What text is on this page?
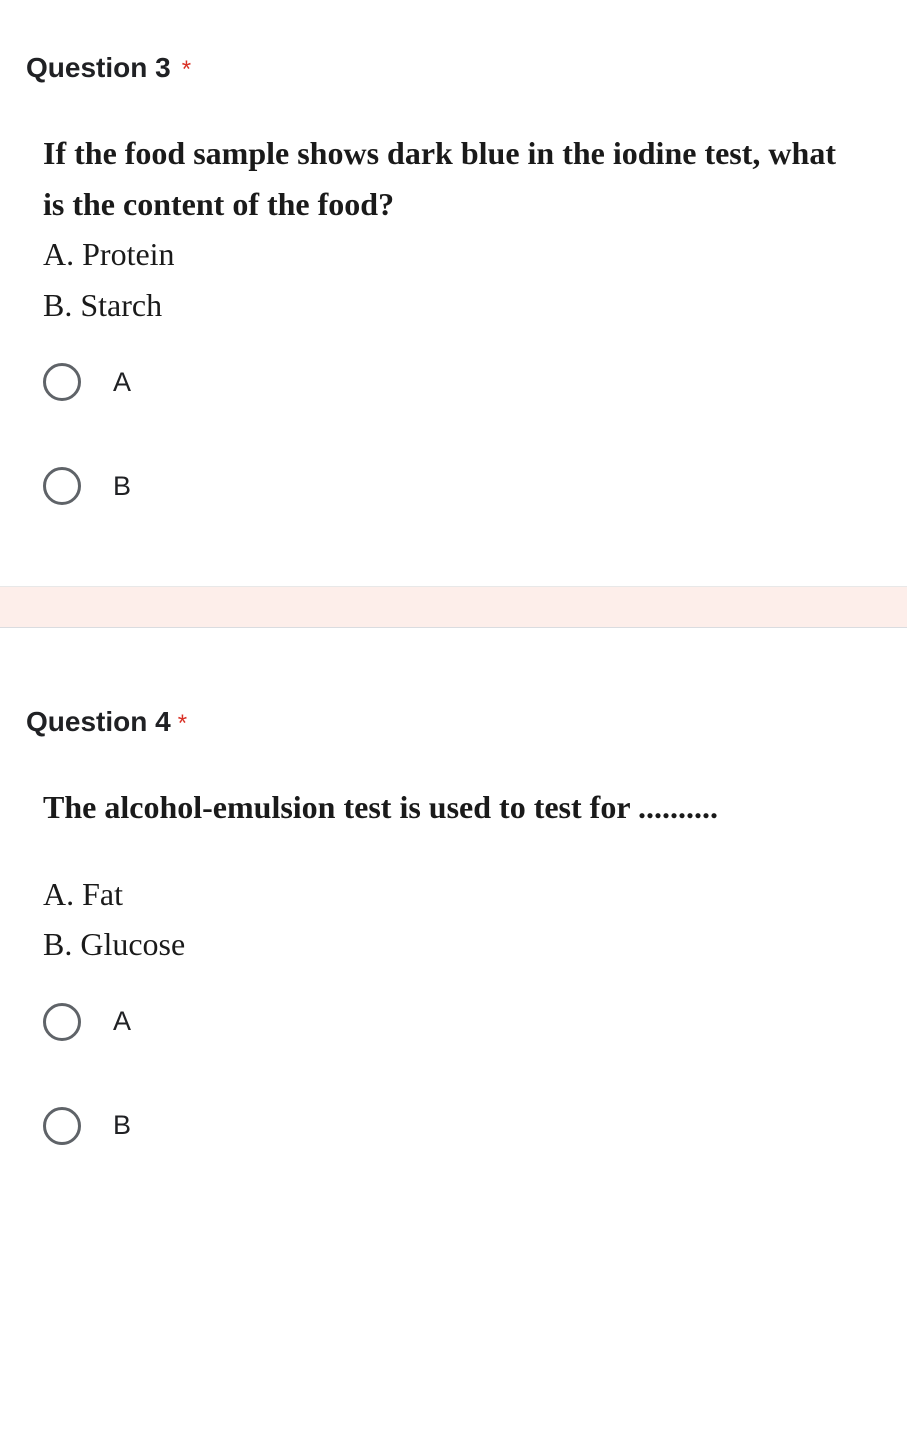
Question 3 *
If the food sample shows dark blue in the iodine test, what is the content of the food?
A. Protein
B. Starch
A
B
Question 4 *
The alcohol-emulsion test is used to test for ..........
A. Fat
B. Glucose
A
B
